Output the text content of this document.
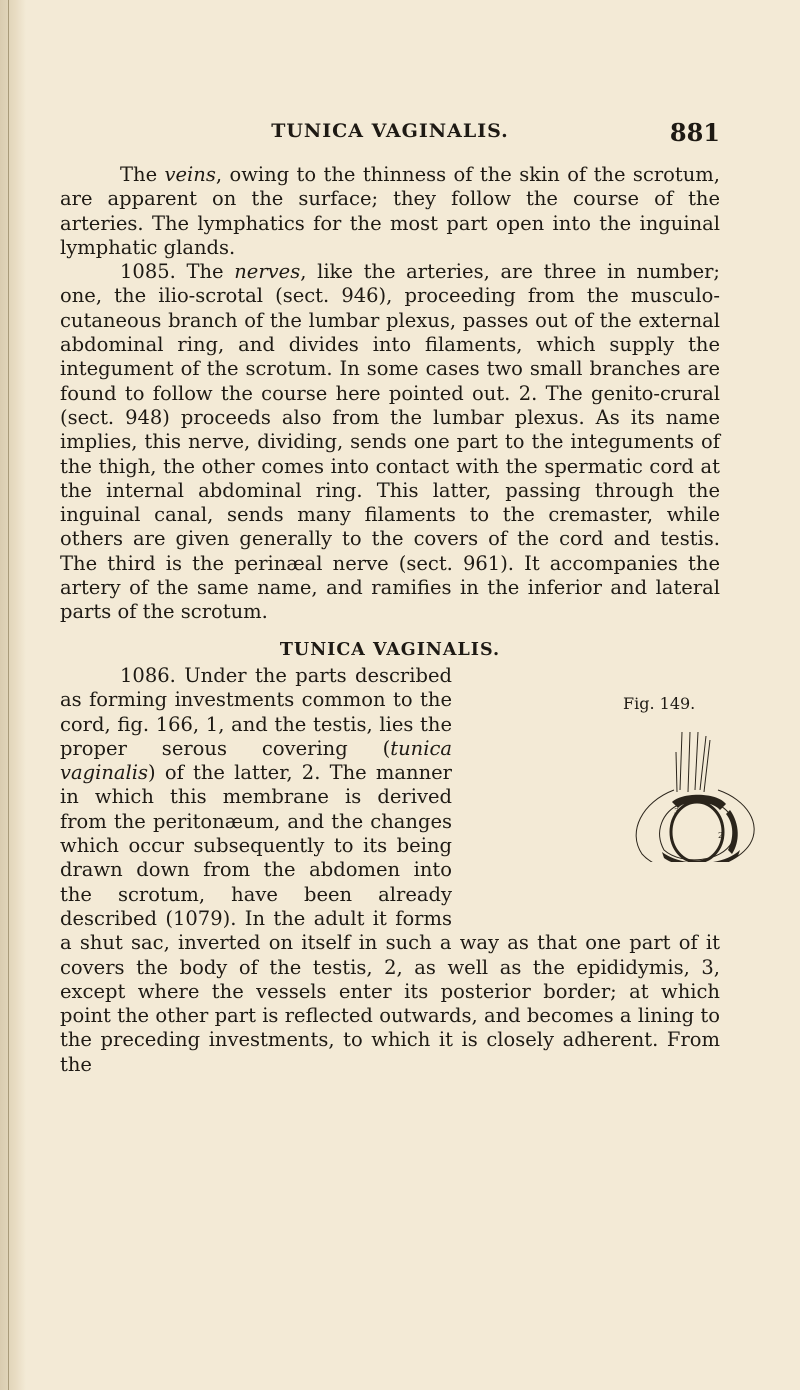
TUNICA VAGINALIS.	881

The veins, owing to the thinness of the skin of the scrotum, are apparent on the surface; they follow the course of the arteries. The lymphatics for the most part open into the inguinal lymphatic glands.

1085. The nerves, like the arteries, are three in number; one, the ilio-scrotal (sect. 946), proceeding from the musculo-cutaneous branch of the lumbar plexus, passes out of the external abdominal ring, and divides into filaments, which supply the integument of the scrotum. In some cases two small branches are found to follow the course here pointed out. 2. The genito-crural (sect. 948) proceeds also from the lumbar plexus. As its name implies, this nerve, dividing, sends one part to the integuments of the thigh, the other comes into contact with the spermatic cord at the internal abdominal ring. This latter, passing through the inguinal canal, sends many filaments to the cremaster, while others are given generally to the covers of the cord and testis. The third is the perinæal nerve (sect. 961). It accompanies the artery of the same name, and ramifies in the inferior and lateral parts of the scrotum.

TUNICA VAGINALIS.

1086. Under the parts described as forming investments common to the cord, fig. 166, 1, and the testis, lies the proper serous covering (tunica vaginalis) of the latter, 2. The manner in which this membrane is derived from the peritonæum, and the changes which occur subsequently to its being drawn down from the abdomen into the scrotum, have been already described (1079). In the adult it forms a shut sac, inverted on itself in such a way as that one part of it covers the body of the testis, 2, as well as the epididymis, 3, except where the vessels enter its posterior border; at which point the other part is reflected outwards, and becomes a lining to the preceding investments, to which it is closely adherent. From the

Fig. 149.
3
2
